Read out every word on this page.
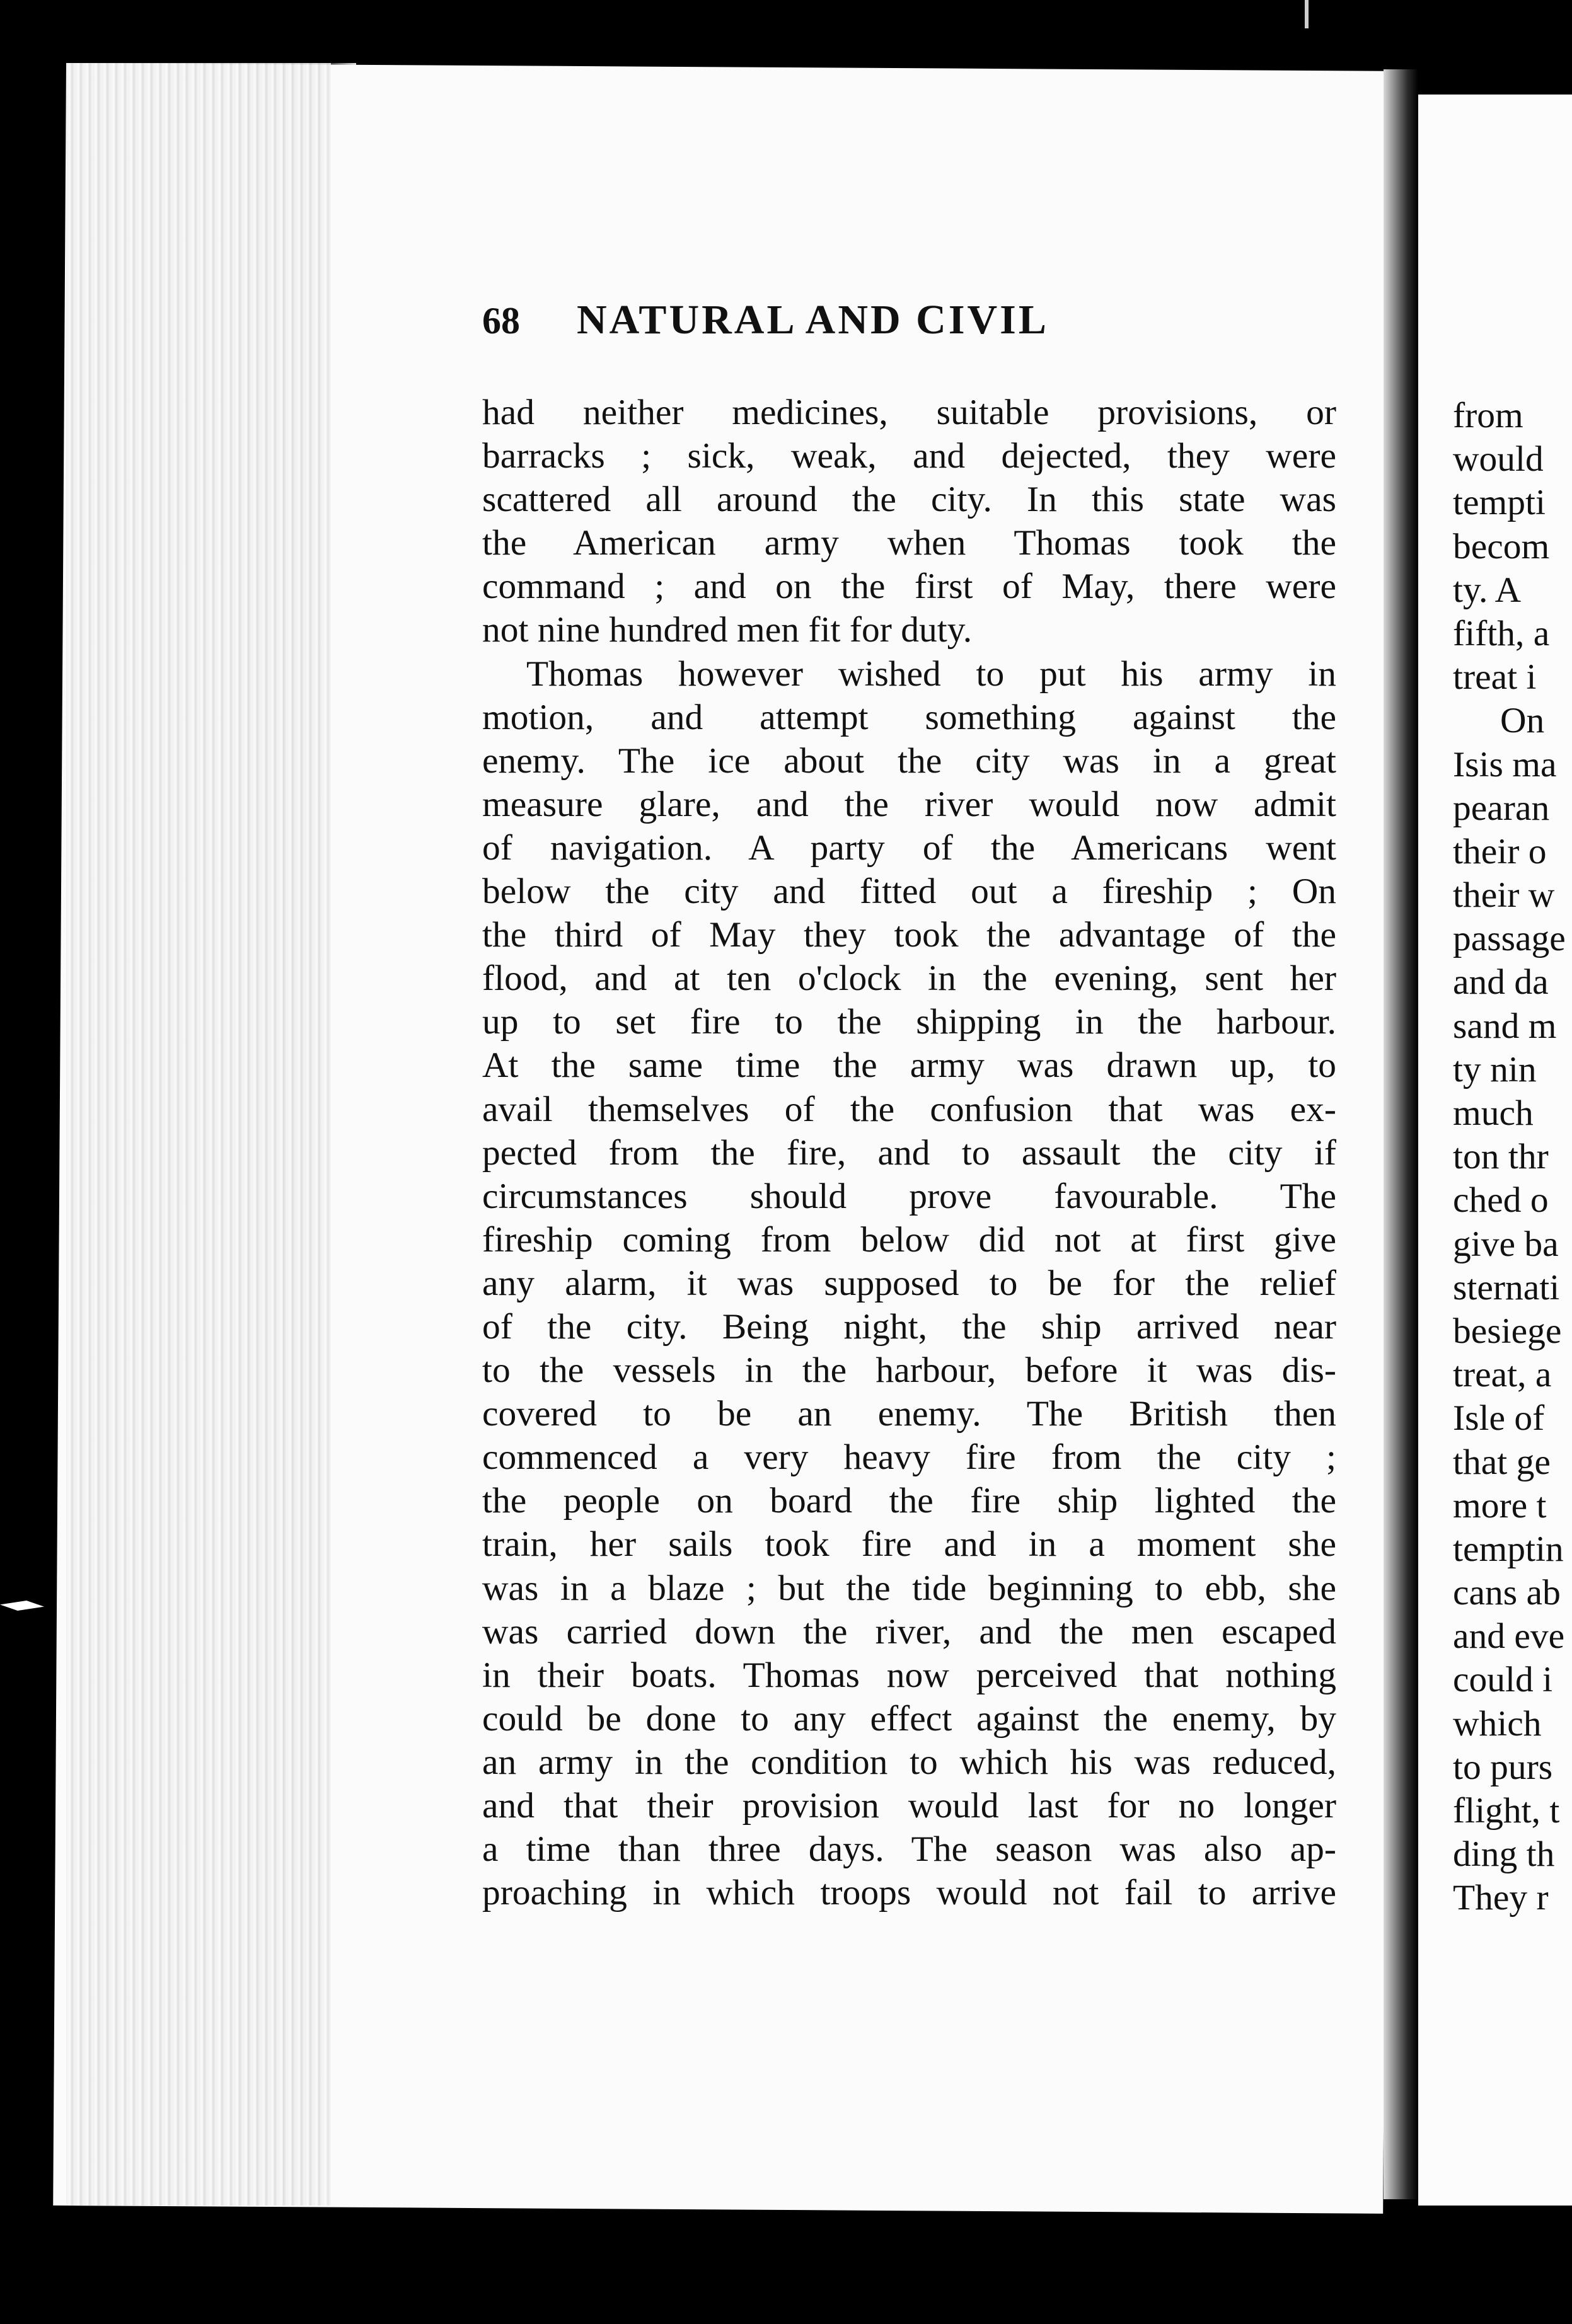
68	NATURAL AND CIVIL
had neither medicines, suitable provisions, or
barracks ; sick, weak, and dejected, they were
scattered all around the city. In this state was
the American army when Thomas took the
command ; and on the first of May, there were
not nine hundred men fit for duty.
Thomas however wished to put his army in
motion, and attempt something against the
enemy. The ice about the city was in a great
measure glare, and the river would now admit
of navigation. A party of the Americans went
below the city and fitted out a fireship ; On
the third of May they took the advantage of the
flood, and at ten o'clock in the evening, sent her
up to set fire to the shipping in the harbour.
At the same time the army was drawn up, to
avail themselves of the confusion that was ex-
pected from the fire, and to assault the city if
circumstances should prove favourable. The
fireship coming from below did not at first give
any alarm, it was supposed to be for the relief
of the city. Being night, the ship arrived near
to the vessels in the harbour, before it was dis-
covered to be an enemy. The British then
commenced a very heavy fire from the city ;
the people on board the fire ship lighted the
train, her sails took fire and in a moment she
was in a blaze ; but the tide beginning to ebb, she
was carried down the river, and the men escaped
in their boats. Thomas now perceived that nothing
could be done to any effect against the enemy, by
an army in the condition to which his was reduced,
and that their provision would last for no longer
a time than three days. The season was also ap-
proaching in which troops would not fail to arrive
from
would
tempti
becom
ty. A
fifth, a
treat i
On
Isis ma
pearan
their o
their w
passage
and da
sand m
ty nin
much
ton thr
ched o
give ba
sternati
besiege
treat, a
Isle of
that ge
more t
temptin
cans ab
and eve
could i
which
to purs
flight, t
ding th
They r
